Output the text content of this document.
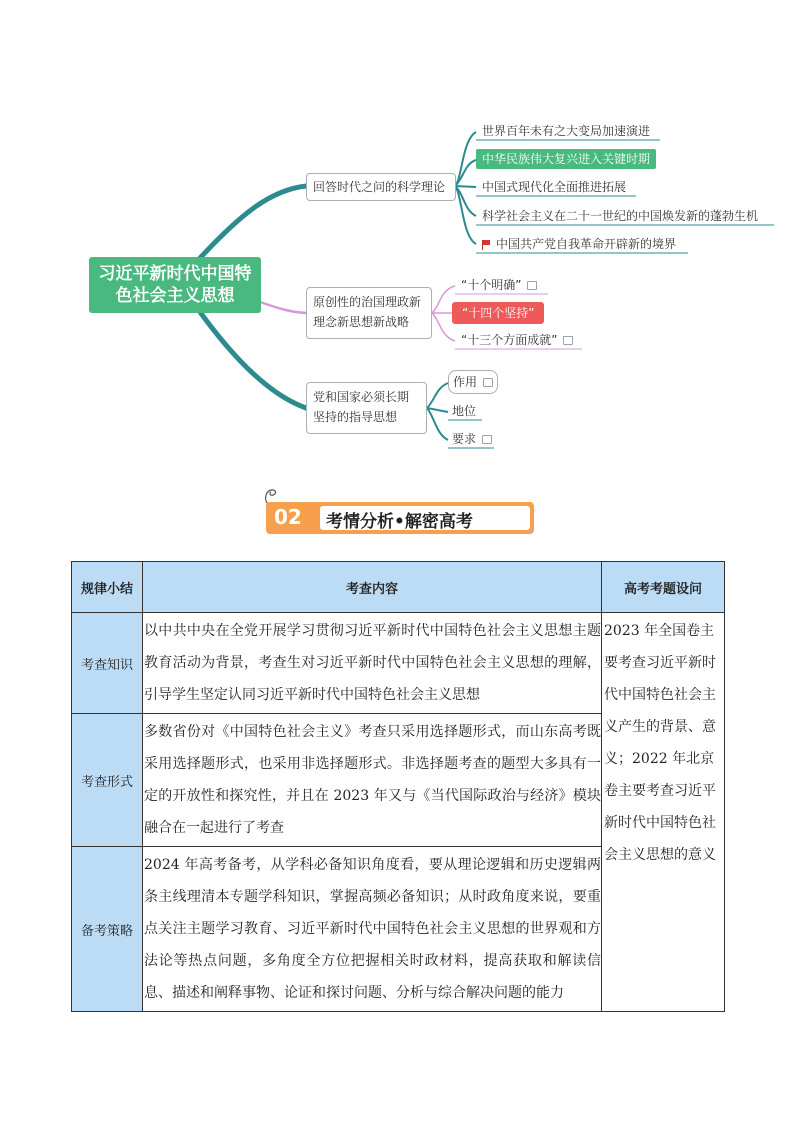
习近平新时代中国特色社会主义思想
回答时代之问的科学理论
世界百年未有之大变局加速演进
中华民族伟大复兴进入关键时期
中国式现代化全面推进拓展
科学社会主义在二十一世纪的中国焕发新的蓬勃生机
中国共产党自我革命开辟新的境界
原创性的治国理政新理念新思想新战略
“十个明确”
“十四个坚持”
“十三个方面成就”
党和国家必须长期坚持的指导思想
作用
地位
要求
02 考情分析•解密高考
规律小结	考查内容	高考考题设问
考查知识	以中共中央在全党开展学习贯彻习近平新时代中国特色社会主义思想主题教育活动为背景，考查生对习近平新时代中国特色社会主义思想的理解，引导学生坚定认同习近平新时代中国特色社会主义思想	2023 年全国卷主要考查习近平新时代中国特色社会主义产生的背景、意义；2022 年北京卷主要考查习近平新时代中国特色社会主义思想的意义
考查形式	多数省份对《中国特色社会主义》考查只采用选择题形式，而山东高考既采用选择题形式，也采用非选择题形式。非选择题考查的题型大多具有一定的开放性和探究性，并且在 2023 年又与《当代国际政治与经济》模块融合在一起进行了考查	
备考策略	2024 年高考备考，从学科必备知识角度看，要从理论逻辑和历史逻辑两条主线理清本专题学科知识，掌握高频必备知识；从时政角度来说，要重点关注主题学习教育、习近平新时代中国特色社会主义思想的世界观和方法论等热点问题，多角度全方位把握相关时政材料，提高获取和解读信息、描述和阐释事物、论证和探讨问题、分析与综合解决问题的能力	
